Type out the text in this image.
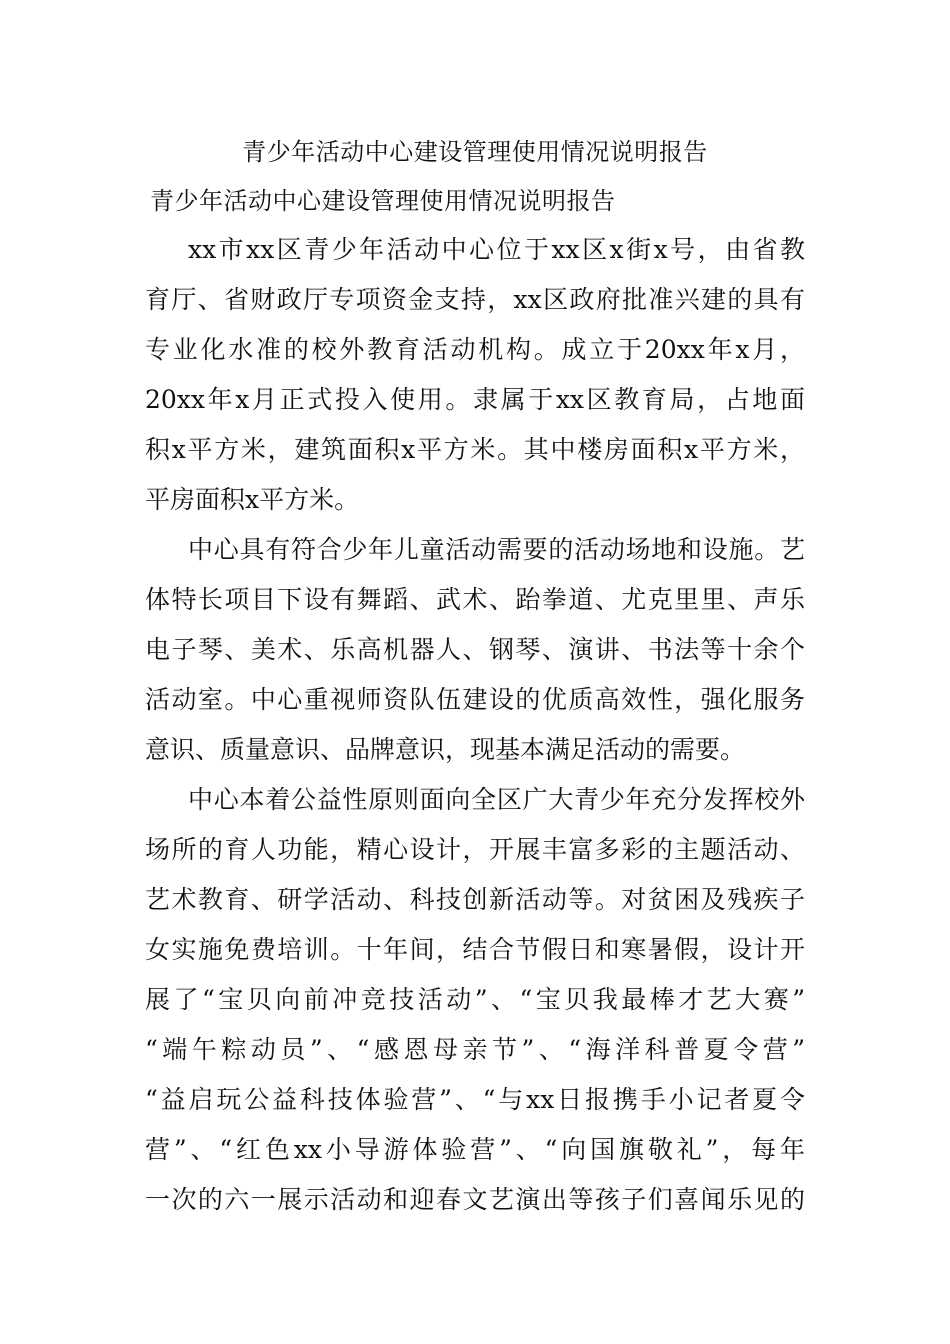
青少年活动中心建设管理使用情况说明报告
青少年活动中心建设管理使用情况说明报告
xx市xx区青少年活动中心位于xx区x街x号，由省教
育厅、省财政厅专项资金支持，xx区政府批准兴建的具有
专业化水准的校外教育活动机构。成立于20xx年x月，
20xx年x月正式投入使用。隶属于xx区教育局，占地面
积x平方米，建筑面积x平方米。其中楼房面积x平方米，
平房面积x平方米。
中心具有符合少年儿童活动需要的活动场地和设施。艺
体特长项目下设有舞蹈、武术、跆拳道、尤克里里、声乐
电子琴、美术、乐高机器人、钢琴、演讲、书法等十余个
活动室。中心重视师资队伍建设的优质高效性，强化服务
意识、质量意识、品牌意识，现基本满足活动的需要。
中心本着公益性原则面向全区广大青少年充分发挥校外
场所的育人功能，精心设计，开展丰富多彩的主题活动、
艺术教育、研学活动、科技创新活动等。对贫困及残疾子
女实施免费培训。十年间，结合节假日和寒暑假，设计开
展了“宝贝向前冲竞技活动”、“宝贝我最棒才艺大赛”
“端午粽动员”、“感恩母亲节”、“海洋科普夏令营”
“益启玩公益科技体验营”、“与xx日报携手小记者夏令
营”、“红色xx小导游体验营”、“向国旗敬礼”，每年
一次的六一展示活动和迎春文艺演出等孩子们喜闻乐见的
